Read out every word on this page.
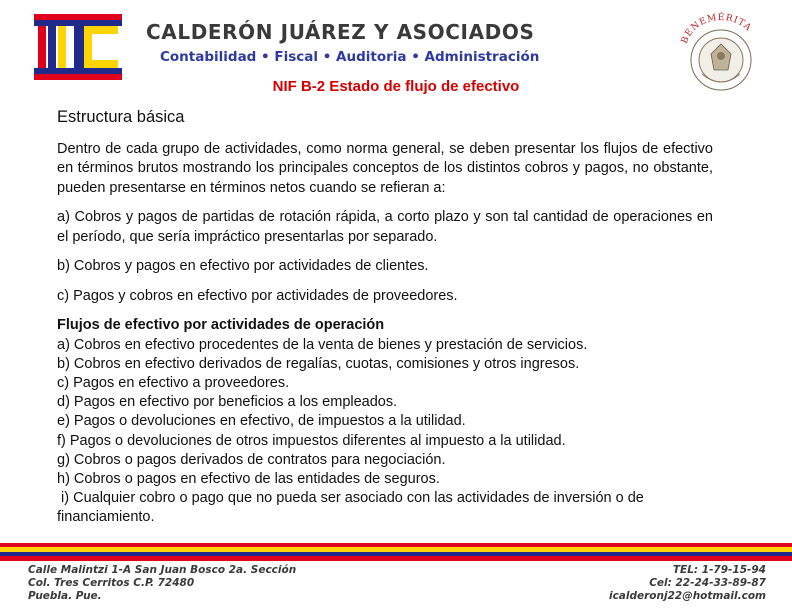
CALDERÓN JUÁREZ Y ASOCIADOS
Contabilidad • Fiscal • Auditoria • Administración
BENEMÉRITA
NIF B-2 Estado de flujo de efectivo
Estructura básica

Dentro de cada grupo de actividades, como norma general, se deben presentar los flujos de efectivo en términos brutos mostrando los principales conceptos de los distintos cobros y pagos, no obstante, pueden presentarse en términos netos cuando se refieran a:

a) Cobros y pagos de partidas de rotación rápida, a corto plazo y son tal cantidad de operaciones en el período, que sería impráctico presentarlas por separado.

b) Cobros y pagos en efectivo por actividades de clientes.

c) Pagos y cobros en efectivo por actividades de proveedores.

Flujos de efectivo por actividades de operación
a) Cobros en efectivo procedentes de la venta de bienes y prestación de servicios.
b) Cobros en efectivo derivados de regalías, cuotas, comisiones y otros ingresos.
c) Pagos en efectivo a proveedores.
d) Pagos en efectivo por beneficios a los empleados.
e) Pagos o devoluciones en efectivo, de impuestos a la utilidad.
f) Pagos o devoluciones de otros impuestos diferentes al impuesto a la utilidad.
g) Cobros o pagos derivados de contratos para negociación.
h) Cobros o pagos en efectivo de las entidades de seguros.
i) Cualquier cobro o pago que no pueda ser asociado con las actividades de inversión o de financiamiento.
Calle Malintzi 1-A San Juan Bosco 2a. Sección
Col. Tres Cerritos C.P. 72480
Puebla. Pue.
TEL: 1-79-15-94
Cel: 22-24-33-89-87
icalderonj22@hotmail.com
